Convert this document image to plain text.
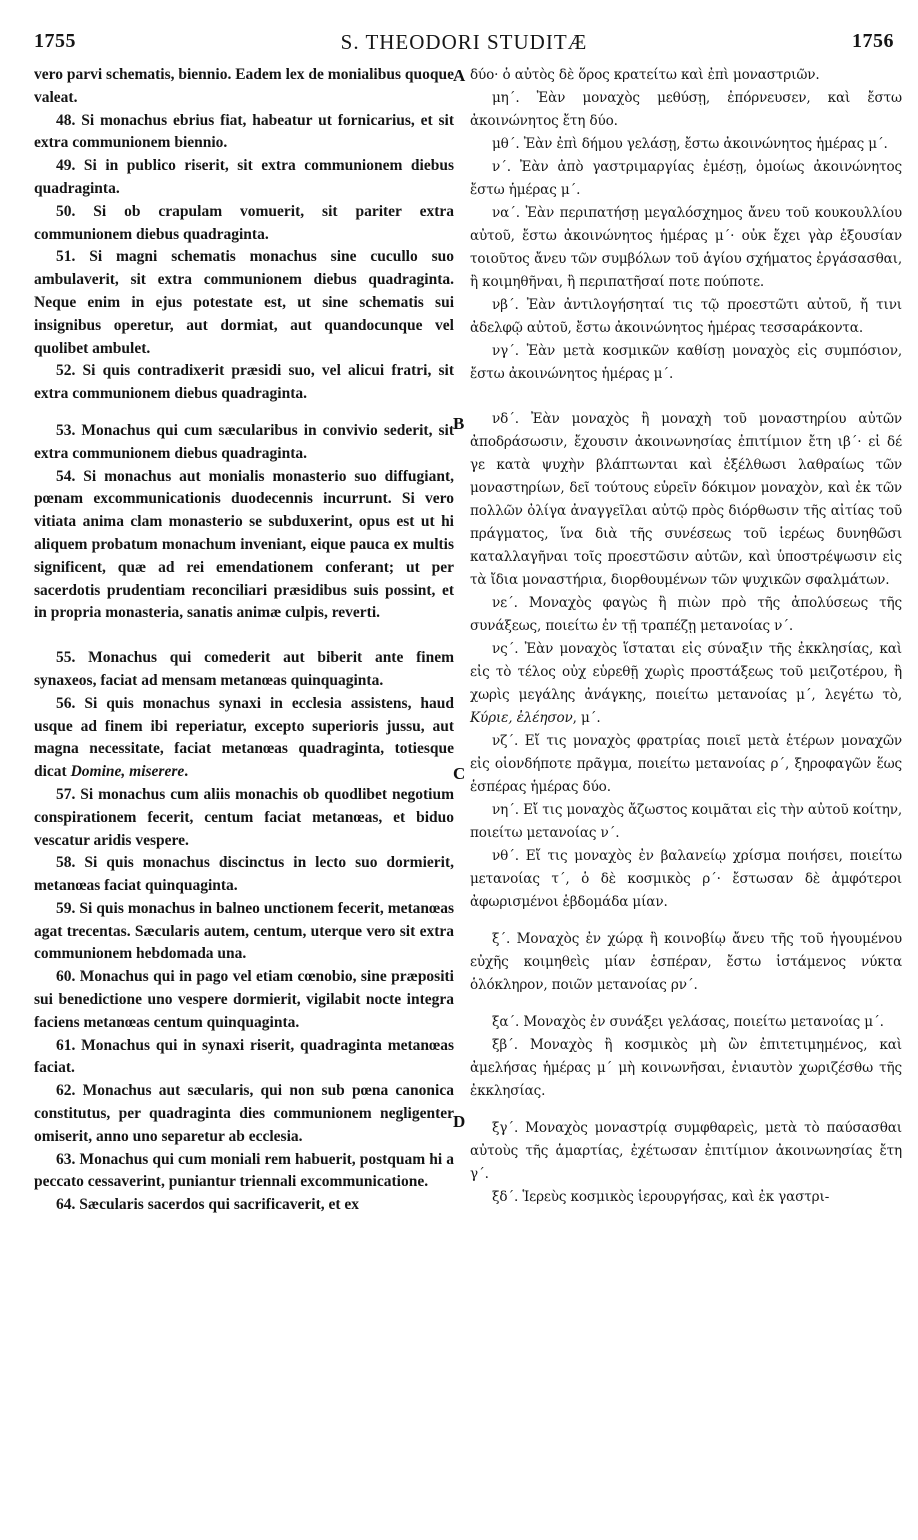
1755	S. THEODORI STUDITÆ	1756

vero parvi schematis, biennio. Eadem lex de monialibus quoque valeat.

48. Si monachus ebrius fiat, habeatur ut fornicarius, et sit extra communionem biennio.

49. Si in publico riserit, sit extra communionem diebus quadraginta.

50. Si ob crapulam vomuerit, sit pariter extra communionem diebus quadraginta.

51. Si magni schematis monachus sine cucullo suo ambulaverit, sit extra communionem diebus quadraginta. Neque enim in ejus potestate est, ut sine schematis sui insignibus operetur, aut dormiat, aut quandocunque vel quolibet ambulet.

52. Si quis contradixerit præsidi suo, vel alicui fratri, sit extra communionem diebus quadraginta.

53. Monachus qui cum sæcularibus in convivio sederit, sit extra communionem diebus quadraginta.

54. Si monachus aut monialis monasterio suo diffugiant, pœnam excommunicationis duodecennis incurrunt. Si vero vitiata anima clam monasterio se subduxerint, opus est ut hi aliquem probatum monachum inveniant, eique pauca ex multis significent, quæ ad rei emendationem conferant; ut per sacerdotis prudentiam reconciliari præsidibus suis possint, et in propria monasteria, sanatis animæ culpis, reverti.

55. Monachus qui comederit aut biberit ante finem synaxeos, faciat ad mensam metanœas quinquaginta.

56. Si quis monachus synaxi in ecclesia assistens, haud usque ad finem ibi reperiatur, excepto superioris jussu, aut magna necessitate, faciat metanœas quadraginta, totiesque dicat Domine, miserere.

57. Si monachus cum aliis monachis ob quodlibet negotium conspirationem fecerit, centum faciat metanœas, et biduo vescatur aridis vespere.

58. Si quis monachus discinctus in lecto suo dormierit, metanœas faciat quinquaginta.

59. Si quis monachus in balneo unctionem fecerit, metanœas agat trecentas. Sæcularis autem, centum, uterque vero sit extra communionem hebdomada una.

60. Monachus qui in pago vel etiam cœnobio, sine præpositi sui benedictione uno vespere dormierit, vigilabit nocte integra faciens metanœas centum quinquaginta.

61. Monachus qui in synaxi riserit, quadraginta metanœas faciat.

62. Monachus aut sæcularis, qui non sub pœna canonica constitutus, per quadraginta dies communionem negligenter omiserit, anno uno separetur ab ecclesia.

63. Monachus qui cum moniali rem habuerit, postquam hi a peccato cessaverint, puniantur triennali excommunicatione.

64. Sæcularis sacerdos qui sacrificaverit, et ex

A
B
C
D

δύο· ὁ αὐτὸς δὲ ὅρος κρατείτω καὶ ἐπὶ μοναστριῶν.

μη΄. Ἐὰν μοναχὸς μεθύσῃ, ἐπόρνευσεν, καὶ ἔστω ἀκοινώνητος ἔτη δύο.

μθ΄. Ἐὰν ἐπὶ δήμου γελάσῃ, ἔστω ἀκοινώνητος ἡμέρας μ΄.

ν΄. Ἐὰν ἀπὸ γαστριμαργίας ἐμέσῃ, ὁμοίως ἀκοινώνητος ἔστω ἡμέρας μ΄.

να΄. Ἐὰν περιπατήσῃ μεγαλόσχημος ἄνευ τοῦ κουκουλλίου αὐτοῦ, ἔστω ἀκοινώνητος ἡμέρας μ΄· οὐκ ἔχει γὰρ ἐξουσίαν τοιοῦτος ἄνευ τῶν συμβόλων τοῦ ἁγίου σχήματος ἐργάσασθαι, ἢ κοιμηθῆναι, ἢ περιπατῆσαί ποτε πούποτε.

νβ΄. Ἐὰν ἀντιλογήσηταί τις τῷ προεστῶτι αὐτοῦ, ἤ τινι ἀδελφῷ αὐτοῦ, ἔστω ἀκοινώνητος ἡμέρας τεσσαράκοντα.

νγ΄. Ἐὰν μετὰ κοσμικῶν καθίσῃ μοναχὸς εἰς συμπόσιον, ἔστω ἀκοινώνητος ἡμέρας μ΄.

νδ΄. Ἐὰν μοναχὸς ἢ μοναχὴ τοῦ μοναστηρίου αὐτῶν ἀποδράσωσιν, ἔχουσιν ἀκοινωνησίας ἐπιτίμιον ἔτη ιβ΄· εἰ δέ γε κατὰ ψυχὴν βλάπτωνται καὶ ἐξέλθωσι λαθραίως τῶν μοναστηρίων, δεῖ τούτους εὑρεῖν δόκιμον μοναχὸν, καὶ ἐκ τῶν πολλῶν ὀλίγα ἀναγγεῖλαι αὐτῷ πρὸς διόρθωσιν τῆς αἰτίας τοῦ πράγματος, ἵνα διὰ τῆς συνέσεως τοῦ ἱερέως δυνηθῶσι καταλλαγῆναι τοῖς προεστῶσιν αὐτῶν, καὶ ὑποστρέψωσιν εἰς τὰ ἴδια μοναστήρια, διορθουμένων τῶν ψυχικῶν σφαλμάτων.

νε΄. Μοναχὸς φαγὼς ἢ πιὼν πρὸ τῆς ἀπολύσεως τῆς συνάξεως, ποιείτω ἐν τῇ τραπέζῃ μετανοίας ν΄.

νς΄. Ἐὰν μοναχὸς ἵσταται εἰς σύναξιν τῆς ἐκκλησίας, καὶ εἰς τὸ τέλος οὐχ εὑρεθῇ χωρὶς προστάξεως τοῦ μειζοτέρου, ἢ χωρὶς μεγάλης ἀνάγκης, ποιείτω μετανοίας μ΄, λεγέτω τὸ, Κύριε, ἐλέησον, μ΄.

νζ΄. Εἴ τις μοναχὸς φρατρίας ποιεῖ μετὰ ἑτέρων μοναχῶν εἰς οἱονδήποτε πρᾶγμα, ποιείτω μετανοίας ρ΄, ξηροφαγῶν ἕως ἑσπέρας ἡμέρας δύο.

νη΄. Εἴ τις μοναχὸς ἄζωστος κοιμᾶται εἰς τὴν αὐτοῦ κοίτην, ποιείτω μετανοίας ν΄.

νθ΄. Εἴ τις μοναχὸς ἐν βαλανείῳ χρίσμα ποιήσει, ποιείτω μετανοίας τ΄, ὁ δὲ κοσμικὸς ρ΄· ἔστωσαν δὲ ἀμφότεροι ἀφωρισμένοι ἑβδομάδα μίαν.

ξ΄. Μοναχὸς ἐν χώρᾳ ἢ κοινοβίῳ ἄνευ τῆς τοῦ ἡγουμένου εὐχῆς κοιμηθεὶς μίαν ἑσπέραν, ἔστω ἱστάμενος νύκτα ὁλόκληρον, ποιῶν μετανοίας ρν΄.

ξα΄. Μοναχὸς ἐν συνάξει γελάσας, ποιείτω μετανοίας μ΄.

ξβ΄. Μοναχὸς ἢ κοσμικὸς μὴ ὢν ἐπιτετιμημένος, καὶ ἀμελήσας ἡμέρας μ΄ μὴ κοινωνῆσαι, ἐνιαυτὸν χωριζέσθω τῆς ἐκκλησίας.

ξγ΄. Μοναχὸς μοναστρίᾳ συμφθαρεὶς, μετὰ τὸ παύσασθαι αὐτοὺς τῆς ἁμαρτίας, ἐχέτωσαν ἐπιτίμιον ἀκοινωνησίας ἔτη γ΄.

ξδ΄. Ἱερεὺς κοσμικὸς ἱερουργήσας, καὶ ἐκ γαστρι-
